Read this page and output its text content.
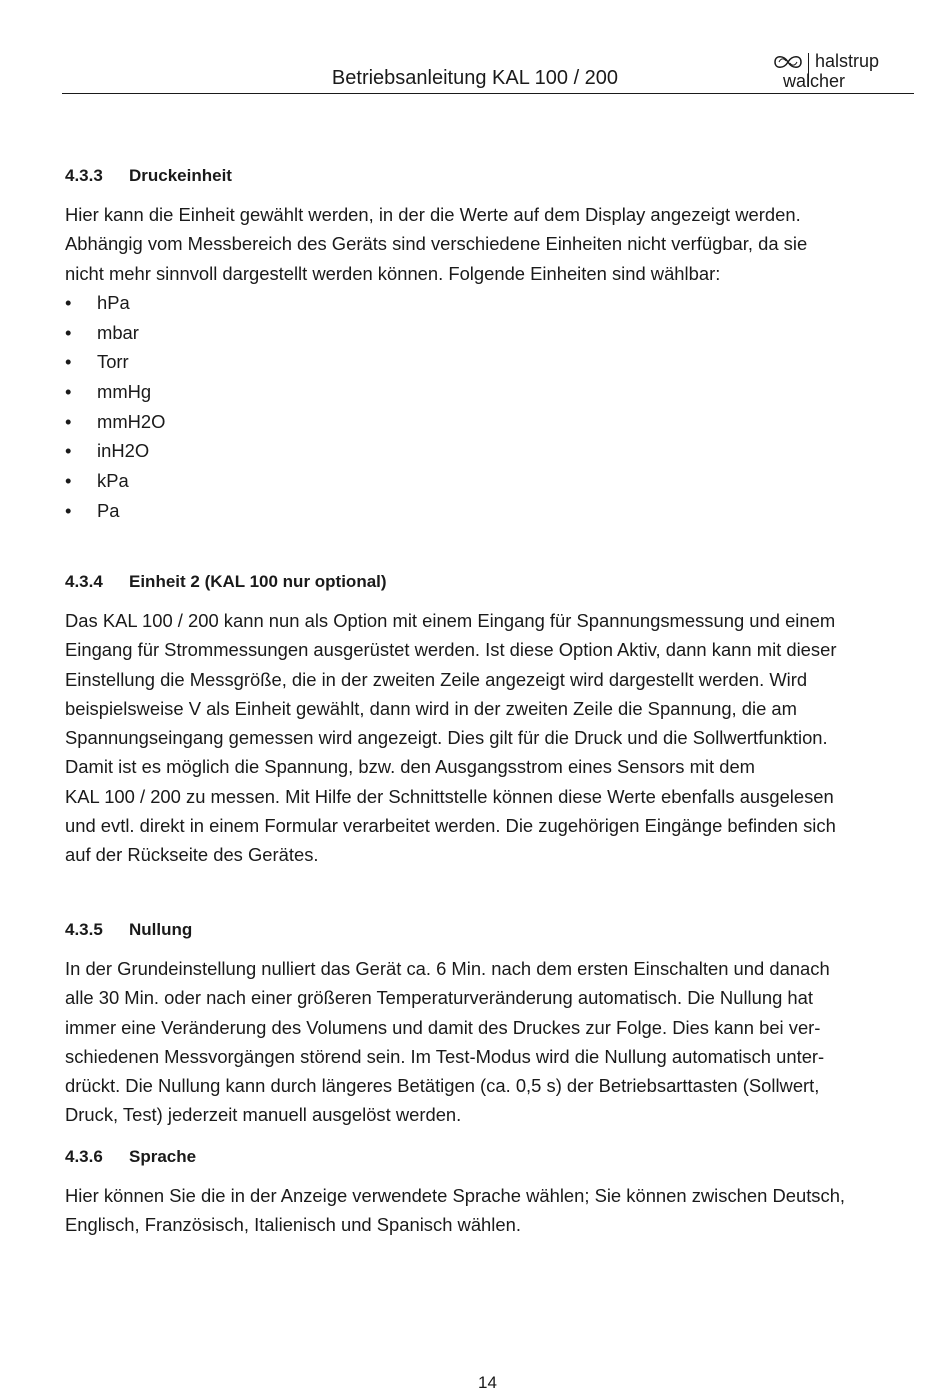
Betriebsanleitung KAL 100 / 200
halstrup
walcher
4.3.3 Druckeinheit

Hier kann die Einheit gewählt werden, in der die Werte auf dem Display angezeigt werden.
Abhängig vom Messbereich des Geräts sind verschiedene Einheiten nicht verfügbar, da sie
nicht mehr sinnvoll dargestellt werden können. Folgende Einheiten sind wählbar:

• hPa
• mbar
• Torr
• mmHg
• mmH2O
• inH2O
• kPa
• Pa
4.3.4 Einheit 2 (KAL 100 nur optional)

Das KAL 100 / 200 kann nun als Option mit einem Eingang für Spannungsmessung und einem
Eingang für Strommessungen ausgerüstet werden. Ist diese Option Aktiv, dann kann mit dieser
Einstellung die Messgröße, die in der zweiten Zeile angezeigt wird dargestellt werden. Wird
beispielsweise V als Einheit gewählt, dann wird in der zweiten Zeile die Spannung, die am
Spannungseingang gemessen wird angezeigt. Dies gilt für die Druck und die Sollwertfunktion.
Damit ist es möglich die Spannung, bzw. den Ausgangsstrom eines Sensors mit dem
KAL 100 / 200 zu messen. Mit Hilfe der Schnittstelle können diese Werte ebenfalls ausgelesen
und evtl. direkt in einem Formular verarbeitet werden. Die zugehörigen Eingänge befinden sich
auf der Rückseite des Gerätes.

4.3.5 Nullung

In der Grundeinstellung nulliert das Gerät ca. 6 Min. nach dem ersten Einschalten und danach
alle 30 Min. oder nach einer größeren Temperaturveränderung automatisch. Die Nullung hat
immer eine Veränderung des Volumens und damit des Druckes zur Folge. Dies kann bei ver-
schiedenen Messvorgängen störend sein. Im Test-Modus wird die Nullung automatisch unter-
drückt. Die Nullung kann durch längeres Betätigen (ca. 0,5 s) der Betriebsarttasten (Sollwert,
Druck, Test) jederzeit manuell ausgelöst werden.

4.3.6 Sprache

Hier können Sie die in der Anzeige verwendete Sprache wählen; Sie können zwischen Deutsch,
Englisch, Französisch, Italienisch und Spanisch wählen.

14
